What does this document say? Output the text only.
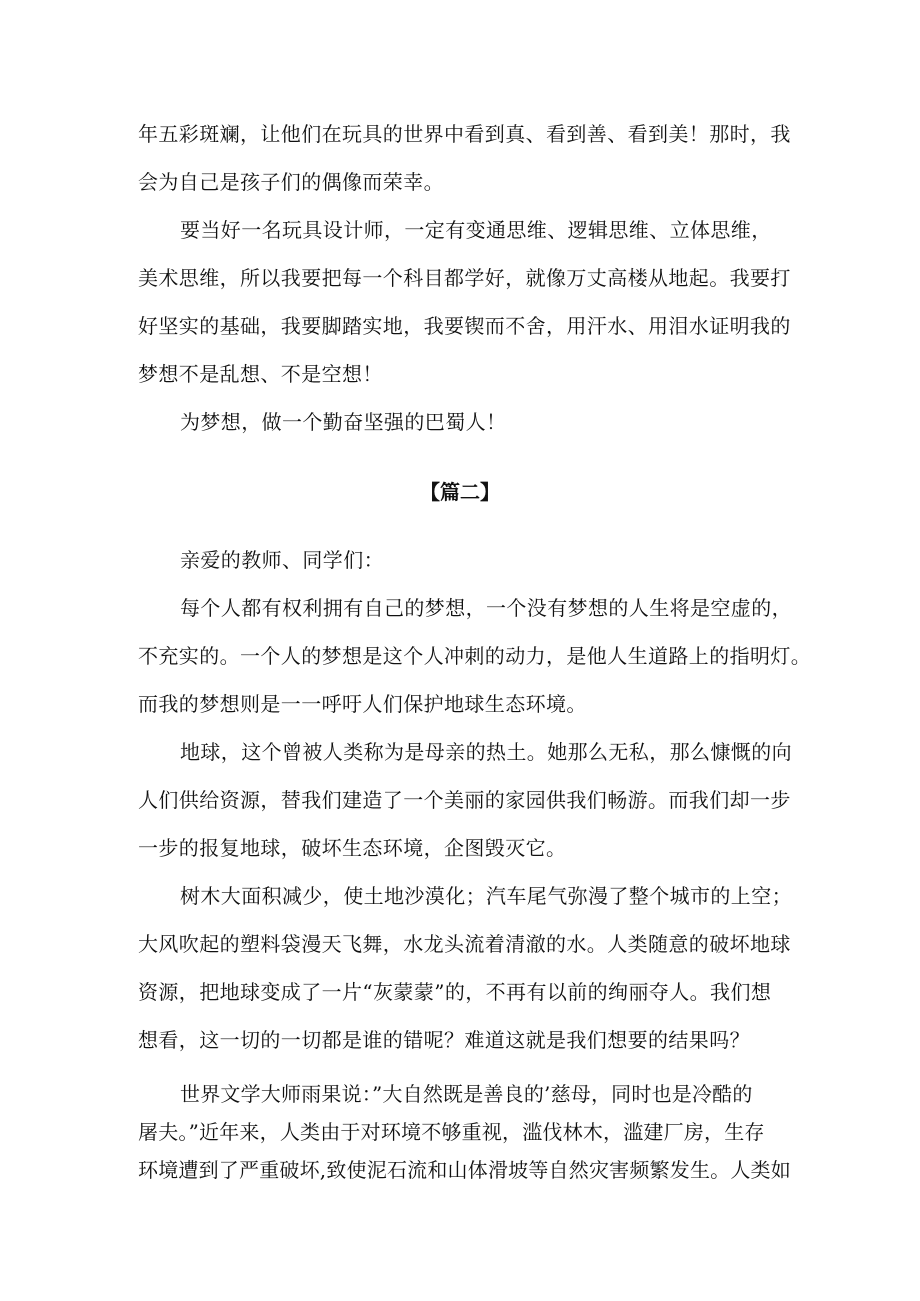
年五彩斑斓，让他们在玩具的世界中看到真、看到善、看到美！那时，我
会为自己是孩子们的偶像而荣幸。
要当好一名玩具设计师，一定有变通思维、逻辑思维、立体思维，
美术思维，所以我要把每一个科目都学好，就像万丈高楼从地起。我要打
好坚实的基础，我要脚踏实地，我要锲而不舍，用汗水、用泪水证明我的
梦想不是乱想、不是空想！
为梦想，做一个勤奋坚强的巴蜀人！
【篇二】
亲爱的教师、同学们：
每个人都有权利拥有自己的梦想，一个没有梦想的人生将是空虚的，
不充实的。一个人的梦想是这个人冲刺的动力，是他人生道路上的指明灯。
而我的梦想则是一一呼吁人们保护地球生态环境。
地球，这个曾被人类称为是母亲的热土。她那么无私，那么慷慨的向
人们供给资源，替我们建造了一个美丽的家园供我们畅游。而我们却一步
一步的报复地球，破坏生态环境，企图毁灭它。
树木大面积减少，使土地沙漠化；汽车尾气弥漫了整个城市的上空；
大风吹起的塑料袋漫天飞舞，水龙头流着清澈的水。人类随意的破坏地球
资源，把地球变成了一片“灰蒙蒙”的，不再有以前的绚丽夺人。我们想
想看，这一切的一切都是谁的错呢？难道这就是我们想要的结果吗？
世界文学大师雨果说：”大自然既是善良的’慈母，同时也是冷酷的
屠夫。”近年来，人类由于对环境不够重视，滥伐林木，滥建厂房，生存
环境遭到了严重破坏,致使泥石流和山体滑坡等自然灾害频繁发生。人类如
